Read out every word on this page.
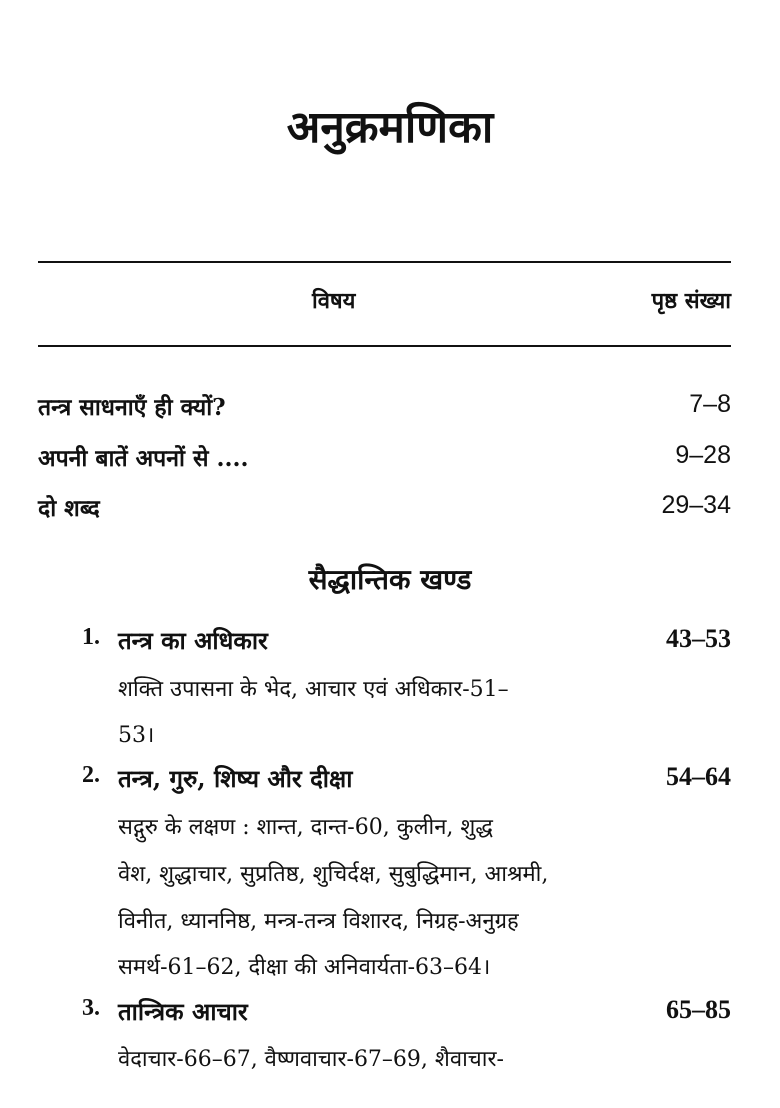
अनुक्रमणिका
विषय	पृष्ठ संख्या
तन्त्र साधनाएँ ही क्यों?	7–8
अपनी बातें अपनों से ....	9–28
दो शब्द	29–34
सैद्धान्तिक खण्ड
1. तन्त्र का अधिकार	43–53
शक्ति उपासना के भेद, आचार एवं अधिकार-51–
53।
2. तन्त्र, गुरु, शिष्य और दीक्षा	54–64
सद्गुरु के लक्षण : शान्त, दान्त-60, कुलीन, शुद्ध
वेश, शुद्धाचार, सुप्रतिष्ठ, शुचिर्दक्ष, सुबुद्धिमान, आश्रमी,
विनीत, ध्याननिष्ठ, मन्त्र-तन्त्र विशारद, निग्रह-अनुग्रह
समर्थ-61–62, दीक्षा की अनिवार्यता-63–64।
3. तान्त्रिक आचार	65–85
वेदाचार-66–67, वैष्णवाचार-67–69, शैवाचार-
